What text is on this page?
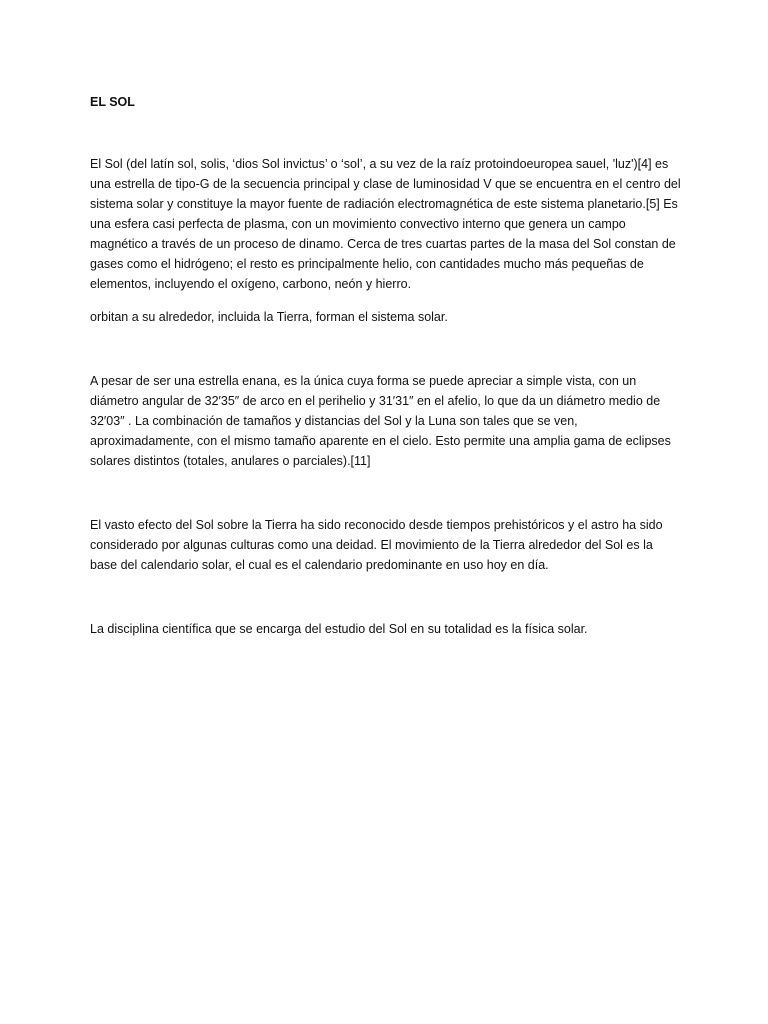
EL SOL

El Sol (del latín sol, solis, ‘dios Sol invictus’ o ‘sol’, a su vez de la raíz protoindoeuropea sauel, 'luz')[4] es una estrella de tipo-G de la secuencia principal y clase de luminosidad V que se encuentra en el centro del sistema solar y constituye la mayor fuente de radiación electromagnética de este sistema planetario.[5] Es una esfera casi perfecta de plasma, con un movimiento convectivo interno que genera un campo magnético a través de un proceso de dinamo. Cerca de tres cuartas partes de la masa del Sol constan de gases como el hidrógeno; el resto es principalmente helio, con cantidades mucho más pequeñas de elementos, incluyendo el oxígeno, carbono, neón y hierro.

orbitan a su alrededor, incluida la Tierra, forman el sistema solar.

A pesar de ser una estrella enana, es la única cuya forma se puede apreciar a simple vista, con un diámetro angular de 32′35″ de arco en el perihelio y 31′31″ en el afelio, lo que da un diámetro medio de 32′03″ . La combinación de tamaños y distancias del Sol y la Luna son tales que se ven, aproximadamente, con el mismo tamaño aparente en el cielo. Esto permite una amplia gama de eclipses solares distintos (totales, anulares o parciales).[11]

El vasto efecto del Sol sobre la Tierra ha sido reconocido desde tiempos prehistóricos y el astro ha sido considerado por algunas culturas como una deidad. El movimiento de la Tierra alrededor del Sol es la base del calendario solar, el cual es el calendario predominante en uso hoy en día.

La disciplina científica que se encarga del estudio del Sol en su totalidad es la física solar.
